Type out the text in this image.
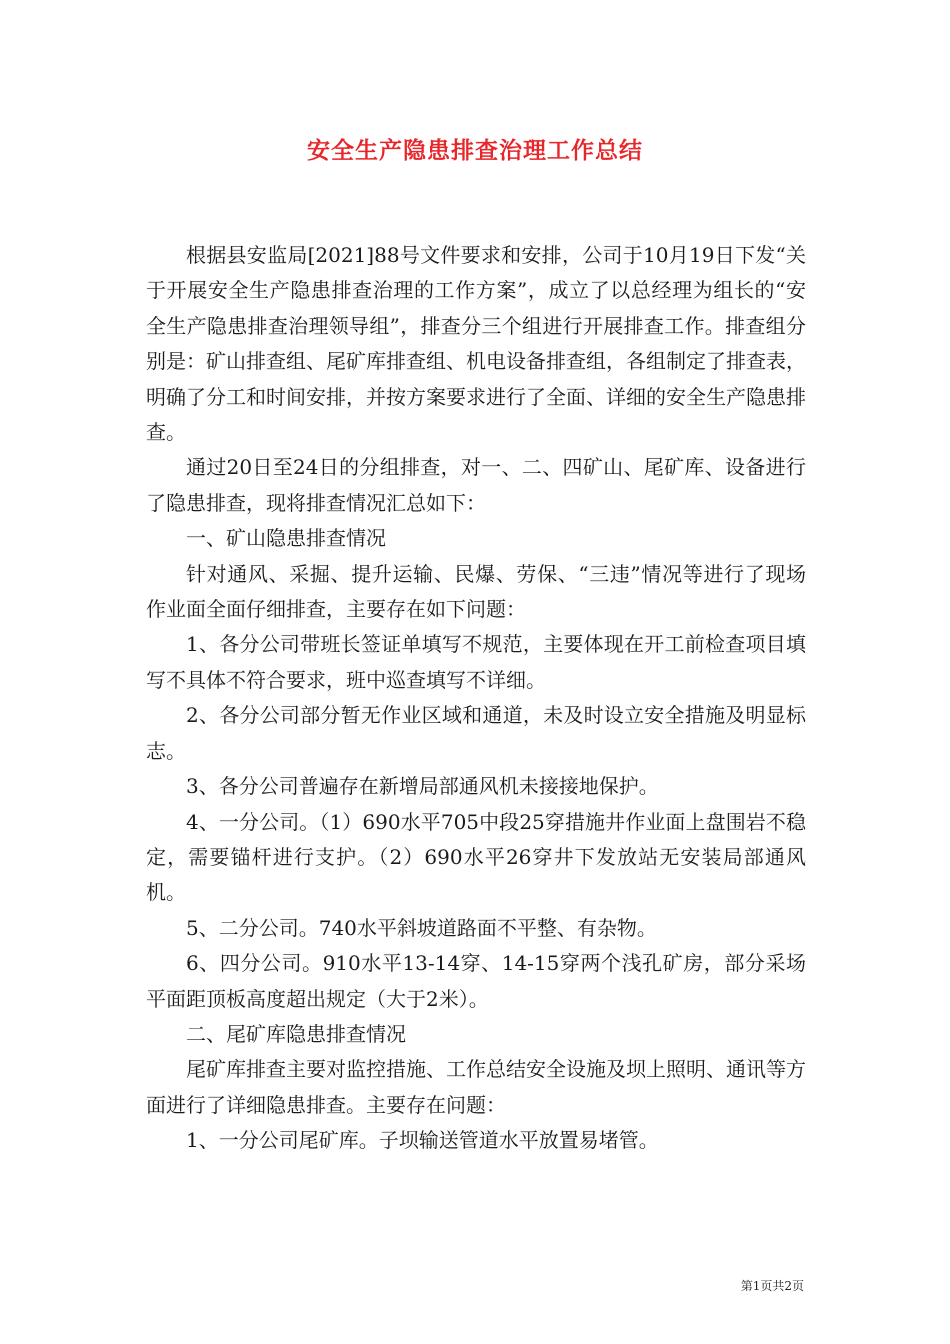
安全生产隐患排查治理工作总结

根据县安监局[2021]88号文件要求和安排，公司于10月19日下发“关于开展安全生产隐患排查治理的工作方案”，成立了以总经理为组长的“安全生产隐患排查治理领导组”，排查分三个组进行开展排查工作。排查组分别是：矿山排查组、尾矿库排查组、机电设备排查组，各组制定了排查表，明确了分工和时间安排，并按方案要求进行了全面、详细的安全生产隐患排查。

通过20日至24日的分组排查，对一、二、四矿山、尾矿库、设备进行了隐患排查，现将排查情况汇总如下：

一、矿山隐患排查情况

针对通风、采掘、提升运输、民爆、劳保、“三违”情况等进行了现场作业面全面仔细排查，主要存在如下问题：

1、各分公司带班长签证单填写不规范，主要体现在开工前检查项目填写不具体不符合要求，班中巡查填写不详细。

2、各分公司部分暂无作业区域和通道，未及时设立安全措施及明显标志。

3、各分公司普遍存在新增局部通风机未接接地保护。

4、一分公司。（1）690水平705中段25穿措施井作业面上盘围岩不稳定，需要锚杆进行支护。（2）690水平26穿井下发放站无安装局部通风机。

5、二分公司。740水平斜坡道路面不平整、有杂物。

6、四分公司。910水平13-14穿、14-15穿两个浅孔矿房，部分采场平面距顶板高度超出规定（大于2米）。

二、尾矿库隐患排查情况

尾矿库排查主要对监控措施、工作总结安全设施及坝上照明、通讯等方面进行了详细隐患排查。主要存在问题：

1、一分公司尾矿库。子坝输送管道水平放置易堵管。

第1页共2页
